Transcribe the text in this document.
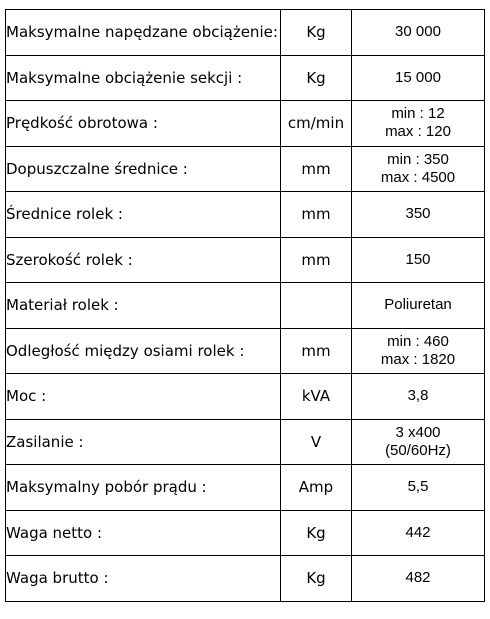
Maksymalne napędzane obciążenie:	Kg	30 000

Maksymalne obciążenie sekcji :	Kg	15 000

Prędkość obrotowa :	cm/min	min : 12
max : 120

Dopuszczalne średnice :	mm	min : 350
max : 4500

Średnice rolek :	mm	350

Szerokość rolek :	mm	150

Materiał rolek :		Poliuretan

Odległość między osiami rolek :	mm	min : 460
max : 1820

Moc :	kVA	3,8

Zasilanie :	V	3 x400
(50/60Hz)

Maksymalny pobór prądu :	Amp	5,5

Waga netto :	Kg	442

Waga brutto :	Kg	482
